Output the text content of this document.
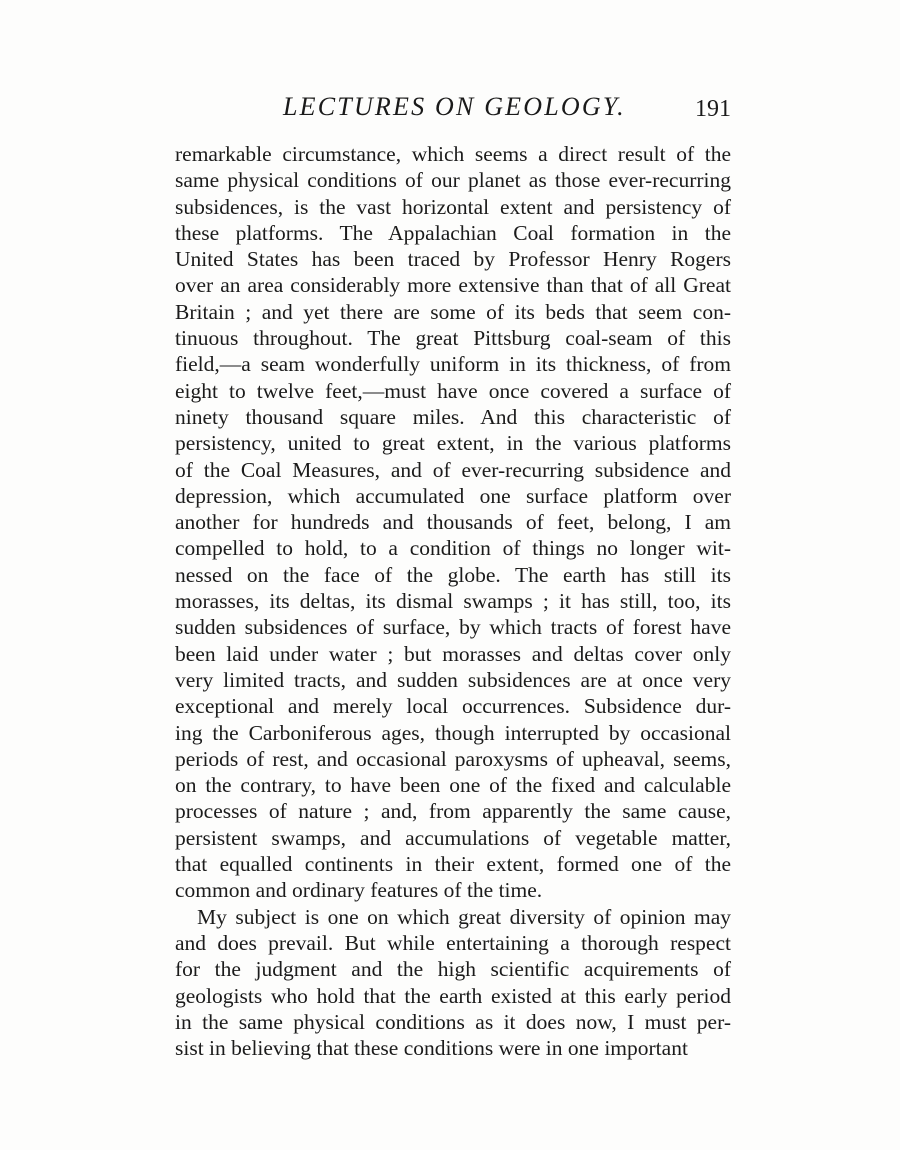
LECTURES ON GEOLOGY.	191
remarkable circumstance, which seems a direct result of the
same physical conditions of our planet as those ever-recurring
subsidences, is the vast horizontal extent and persistency of
these platforms. The Appalachian Coal formation in the
United States has been traced by Professor Henry Rogers
over an area considerably more extensive than that of all Great
Britain ; and yet there are some of its beds that seem con-
tinuous throughout. The great Pittsburg coal-seam of this
field,—a seam wonderfully uniform in its thickness, of from
eight to twelve feet,—must have once covered a surface of
ninety thousand square miles. And this characteristic of
persistency, united to great extent, in the various platforms
of the Coal Measures, and of ever-recurring subsidence and
depression, which accumulated one surface platform over
another for hundreds and thousands of feet, belong, I am
compelled to hold, to a condition of things no longer wit-
nessed on the face of the globe. The earth has still its
morasses, its deltas, its dismal swamps ; it has still, too, its
sudden subsidences of surface, by which tracts of forest have
been laid under water ; but morasses and deltas cover only
very limited tracts, and sudden subsidences are at once very
exceptional and merely local occurrences. Subsidence dur-
ing the Carboniferous ages, though interrupted by occasional
periods of rest, and occasional paroxysms of upheaval, seems,
on the contrary, to have been one of the fixed and calculable
processes of nature ; and, from apparently the same cause,
persistent swamps, and accumulations of vegetable matter,
that equalled continents in their extent, formed one of the
common and ordinary features of the time.
My subject is one on which great diversity of opinion may
and does prevail. But while entertaining a thorough respect
for the judgment and the high scientific acquirements of
geologists who hold that the earth existed at this early period
in the same physical conditions as it does now, I must per-
sist in believing that these conditions were in one important
